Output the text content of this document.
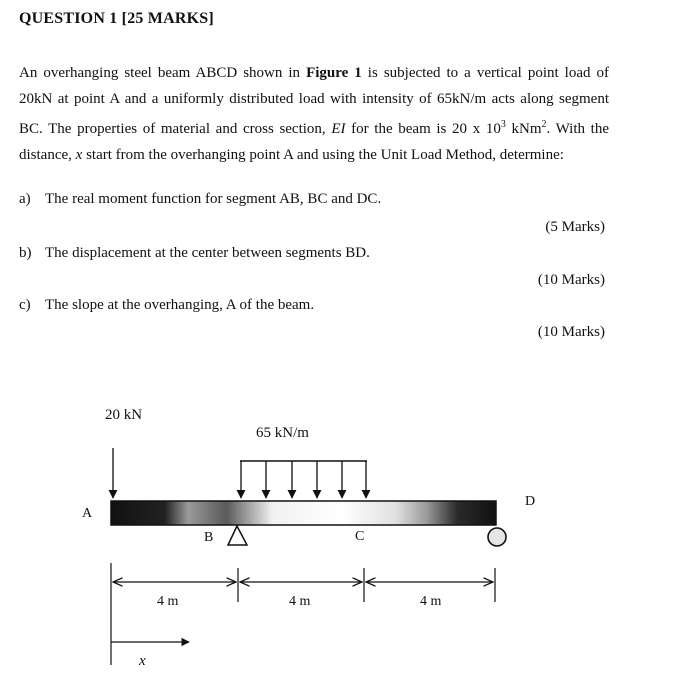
QUESTION 1 [25 MARKS]
An overhanging steel beam ABCD shown in Figure 1 is subjected to a vertical point load of 20kN at point A and a uniformly distributed load with intensity of 65kN/m acts along segment BC. The properties of material and cross section, EI for the beam is 20 x $10^3$ kNm$^2$. With the distance, x start from the overhanging point A and using the Unit Load Method, determine:
a) The real moment function for segment AB, BC and DC.
(5 Marks)
b) The displacement at the center between segments BD.
(10 Marks)
c) The slope at the overhanging, A of the beam.
(10 Marks)
20 kN
65 kN/m
A
B	C
D
4 m	4 m	4 m
x
